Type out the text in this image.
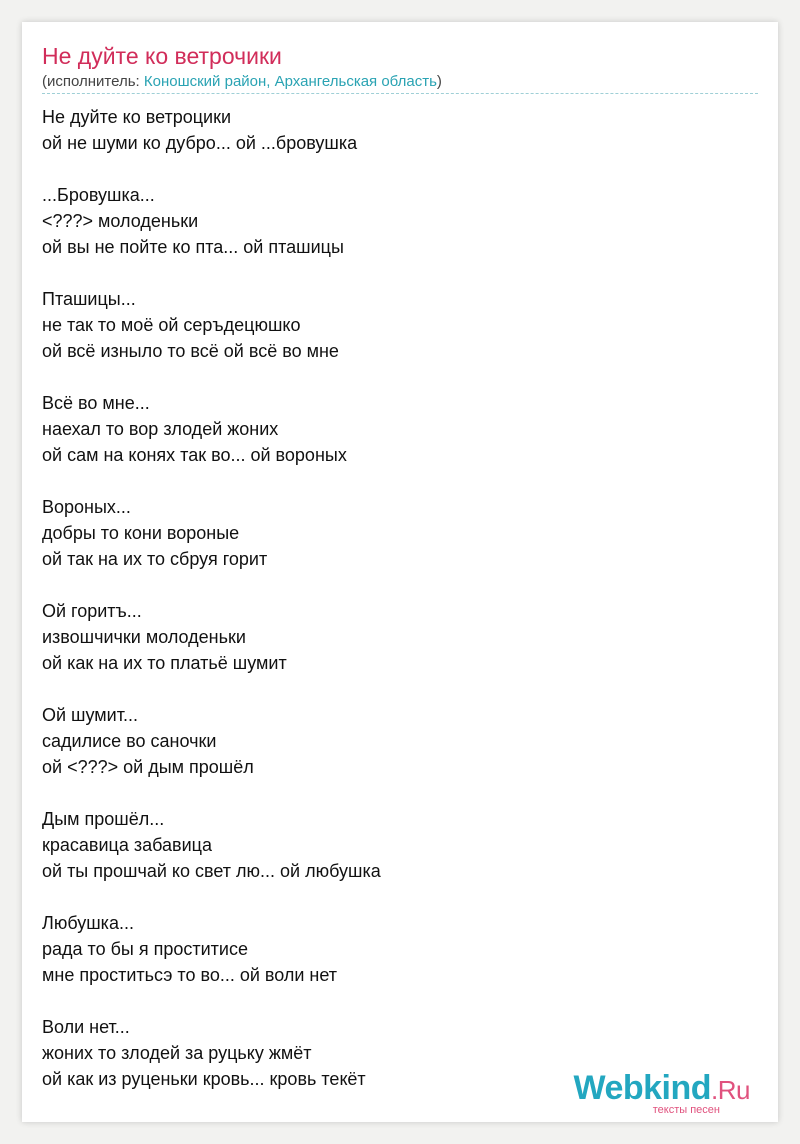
Не дуйте ко ветрочики
(исполнитель: Коношский район, Архангельская область)
Не дуйте ко ветроцики
ой не шуми ко дубро... ой ...бровушка
...Бровушка...
<???> молоденьки
ой вы не пойте ко пта... ой пташицы
Пташицы...
не так то моё ой серъдецюшко
ой всё изныло то всё ой всё во мне
Всё во мне...
наехал то вор злодей жоних
ой сам на конях так во... ой вороных
Вороных...
добры то кони вороные
ой так на их то сбруя горит
Ой горитъ...
извошчички молоденьки
ой как на их то платьё шумит
Ой шумит...
садилисе во саночки
ой <???> ой дым прошёл
Дым прошёл...
красавица забавица
ой ты прошчай ко свет лю... ой любушка
Любушка...
рада то бы я проститисе
мне проститьсэ то во... ой воли нет
Воли нет...
жоних то злодей за руцьку жмёт
ой как из руценьки кровь... кровь текёт	Webkind.Ru
тексты песен
